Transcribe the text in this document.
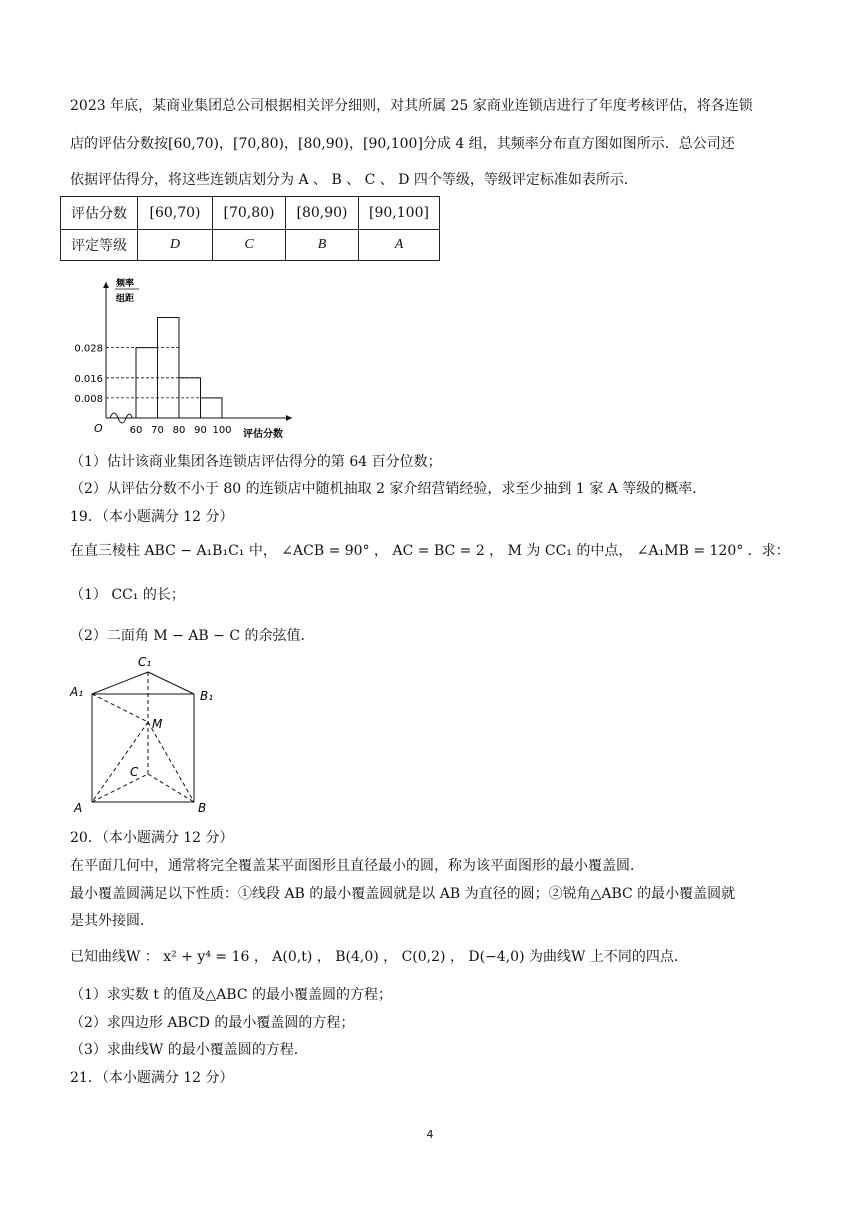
2023 年底，某商业集团总公司根据相关评分细则，对其所属 25 家商业连锁店进行了年度考核评估，将各连锁
店的评估分数按[60,70)，[70,80)，[80,90)，[90,100]分成 4 组，其频率分布直方图如图所示．总公司还
依据评估得分，将这些连锁店划分为 A 、 B 、 C 、 D 四个等级，等级评定标准如表所示．
评估分数	[60,70)	[70,80)	[80,90)	[90,100]
评定等级	D	C	B	A
频率
组距
O	评估分数
0.028
0.016
0.008
60 70 80 90 100
（1）估计该商业集团各连锁店评估得分的第 64 百分位数；
（2）从评估分数不小于 80 的连锁店中随机抽取 2 家介绍营销经验，求至少抽到 1 家 A 等级的概率．
19．（本小题满分 12 分）
在直三棱柱 ABC − A₁B₁C₁ 中， ∠ACB = 90° ， AC = BC = 2 ， M 为 CC₁ 的中点， ∠A₁MB = 120° ．求：
（1） CC₁ 的长；
（2）二面角 M − AB − C 的余弦值．
C₁
A₁	B₁
M
C
A	B
20．（本小题满分 12 分）
在平面几何中，通常将完全覆盖某平面图形且直径最小的圆，称为该平面图形的最小覆盖圆．
最小覆盖圆满足以下性质：①线段 AB 的最小覆盖圆就是以 AB 为直径的圆；②锐角△ABC 的最小覆盖圆就
是其外接圆．
已知曲线W ： x² + y⁴ = 16 ， A(0,t) ， B(4,0) ， C(0,2) ， D(−4,0) 为曲线W 上不同的四点．
（1）求实数 t 的值及△ABC 的最小覆盖圆的方程；
（2）求四边形 ABCD 的最小覆盖圆的方程；
（3）求曲线W 的最小覆盖圆的方程．
21．（本小题满分 12 分）
4
